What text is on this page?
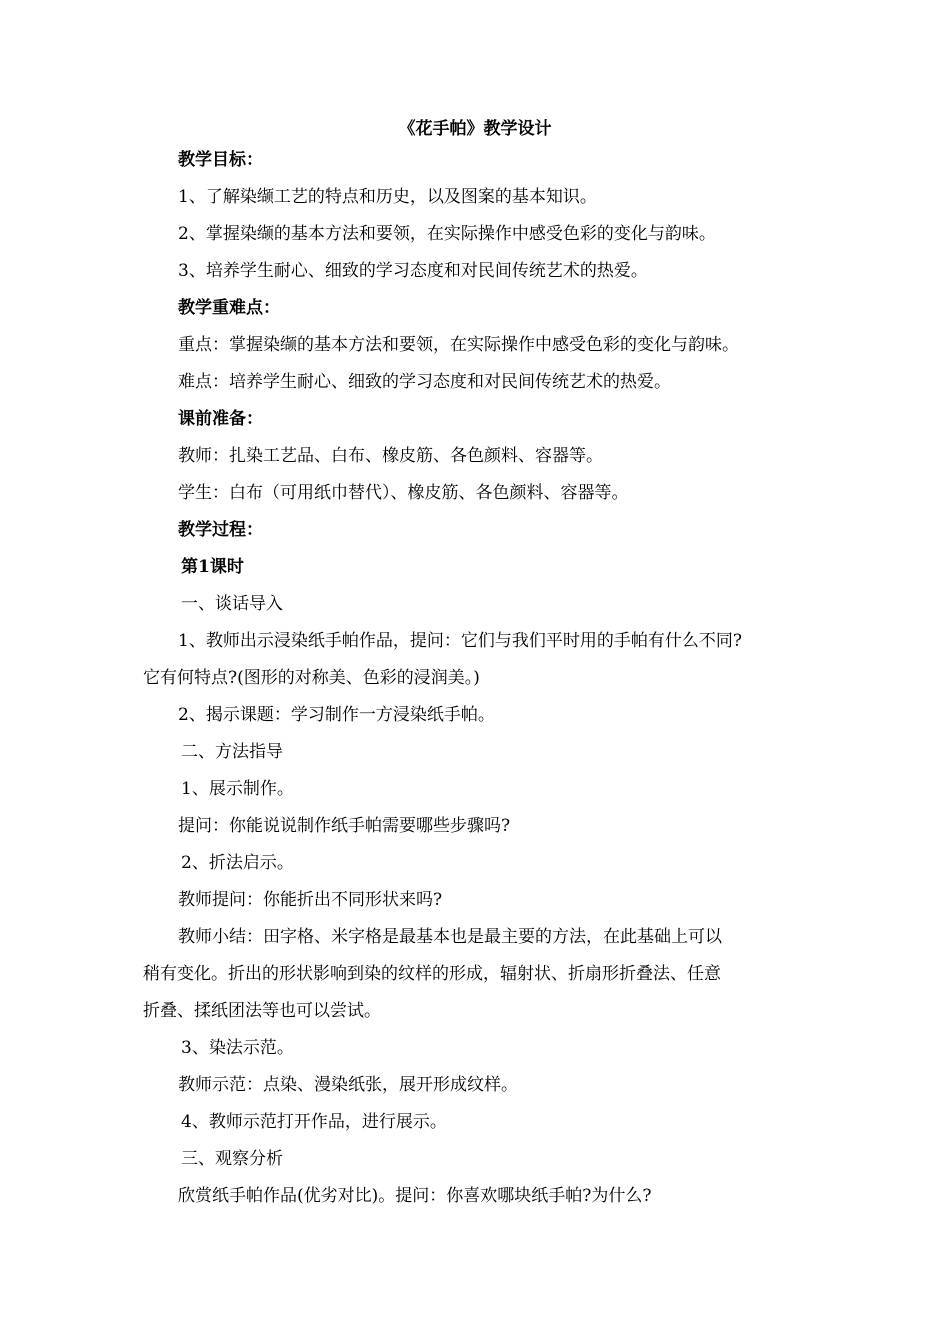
《花手帕》教学设计
教学目标：
1、了解染缬工艺的特点和历史，以及图案的基本知识。
2、掌握染缬的基本方法和要领，在实际操作中感受色彩的变化与韵味。
3、培养学生耐心、细致的学习态度和对民间传统艺术的热爱。
教学重难点：
重点：掌握染缬的基本方法和要领，在实际操作中感受色彩的变化与韵味。
难点：培养学生耐心、细致的学习态度和对民间传统艺术的热爱。
课前准备：
教师：扎染工艺品、白布、橡皮筋、各色颜料、容器等。
学生：白布（可用纸巾替代）、橡皮筋、各色颜料、容器等。
教学过程：
第1课时
一、谈话导入
1、教师出示浸染纸手帕作品，提问：它们与我们平时用的手帕有什么不同?
它有何特点?(图形的对称美、色彩的浸润美。)
2、揭示课题：学习制作一方浸染纸手帕。
二、方法指导
1、展示制作。
提问：你能说说制作纸手帕需要哪些步骤吗?
2、折法启示。
教师提问：你能折出不同形状来吗?
教师小结：田字格、米字格是最基本也是最主要的方法，在此基础上可以
稍有变化。折出的形状影响到染的纹样的形成，辐射状、折扇形折叠法、任意
折叠、揉纸团法等也可以尝试。
3、染法示范。
教师示范：点染、漫染纸张，展开形成纹样。
4、教师示范打开作品，进行展示。
三、观察分析
欣赏纸手帕作品(优劣对比)。提问：你喜欢哪块纸手帕?为什么?
